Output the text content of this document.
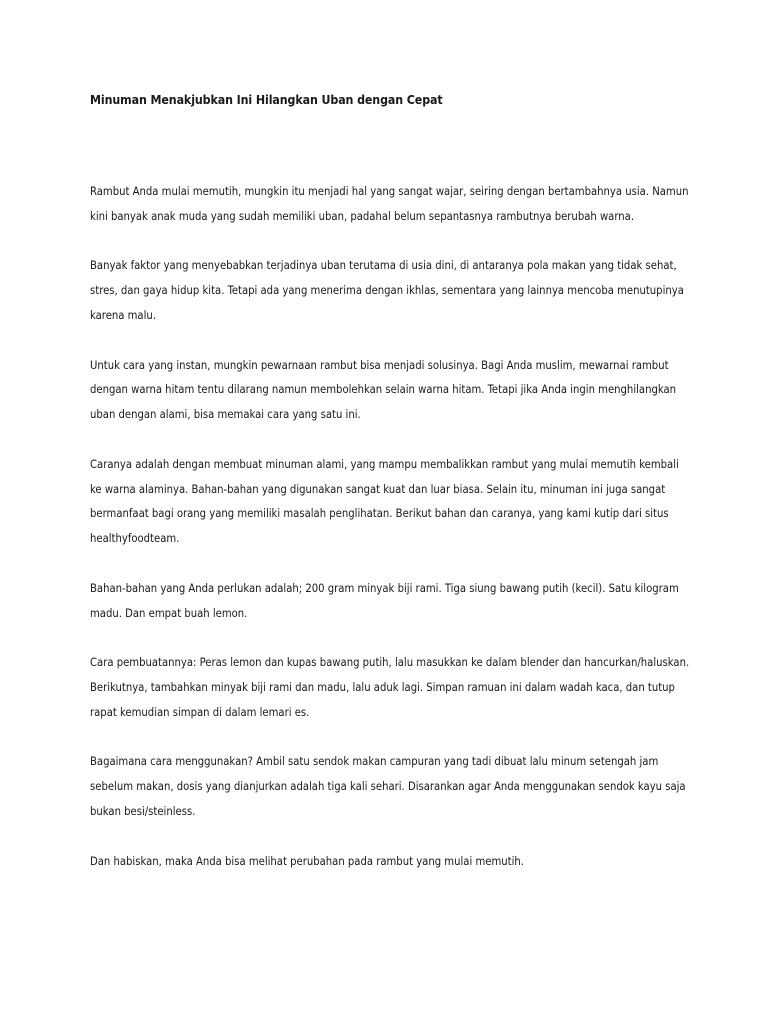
Minuman Menakjubkan Ini Hilangkan Uban dengan Cepat

Rambut Anda mulai memutih, mungkin itu menjadi hal yang sangat wajar, seiring dengan bertambahnya usia. Namun kini banyak anak muda yang sudah memiliki uban, padahal belum sepantasnya rambutnya berubah warna.

Banyak faktor yang menyebabkan terjadinya uban terutama di usia dini, di antaranya pola makan yang tidak sehat, stres, dan gaya hidup kita. Tetapi ada yang menerima dengan ikhlas, sementara yang lainnya mencoba menutupinya karena malu.

Untuk cara yang instan, mungkin pewarnaan rambut bisa menjadi solusinya. Bagi Anda muslim, mewarnai rambut dengan warna hitam tentu dilarang namun membolehkan selain warna hitam. Tetapi jika Anda ingin menghilangkan uban dengan alami, bisa memakai cara yang satu ini.

Caranya adalah dengan membuat minuman alami, yang mampu membalikkan rambut yang mulai memutih kembali ke warna alaminya. Bahan-bahan yang digunakan sangat kuat dan luar biasa. Selain itu, minuman ini juga sangat bermanfaat bagi orang yang memiliki masalah penglihatan. Berikut bahan dan caranya, yang kami kutip dari situs healthyfoodteam.

Bahan-bahan yang Anda perlukan adalah; 200 gram minyak biji rami. Tiga siung bawang putih (kecil). Satu kilogram madu. Dan empat buah lemon.

Cara pembuatannya: Peras lemon dan kupas bawang putih, lalu masukkan ke dalam blender dan hancurkan/haluskan. Berikutnya, tambahkan minyak biji rami dan madu, lalu aduk lagi. Simpan ramuan ini dalam wadah kaca, dan tutup rapat kemudian simpan di dalam lemari es.

Bagaimana cara menggunakan? Ambil satu sendok makan campuran yang tadi dibuat lalu minum setengah jam sebelum makan, dosis yang dianjurkan adalah tiga kali sehari. Disarankan agar Anda menggunakan sendok kayu saja bukan besi/steinless.

Dan habiskan, maka Anda bisa melihat perubahan pada rambut yang mulai memutih.
